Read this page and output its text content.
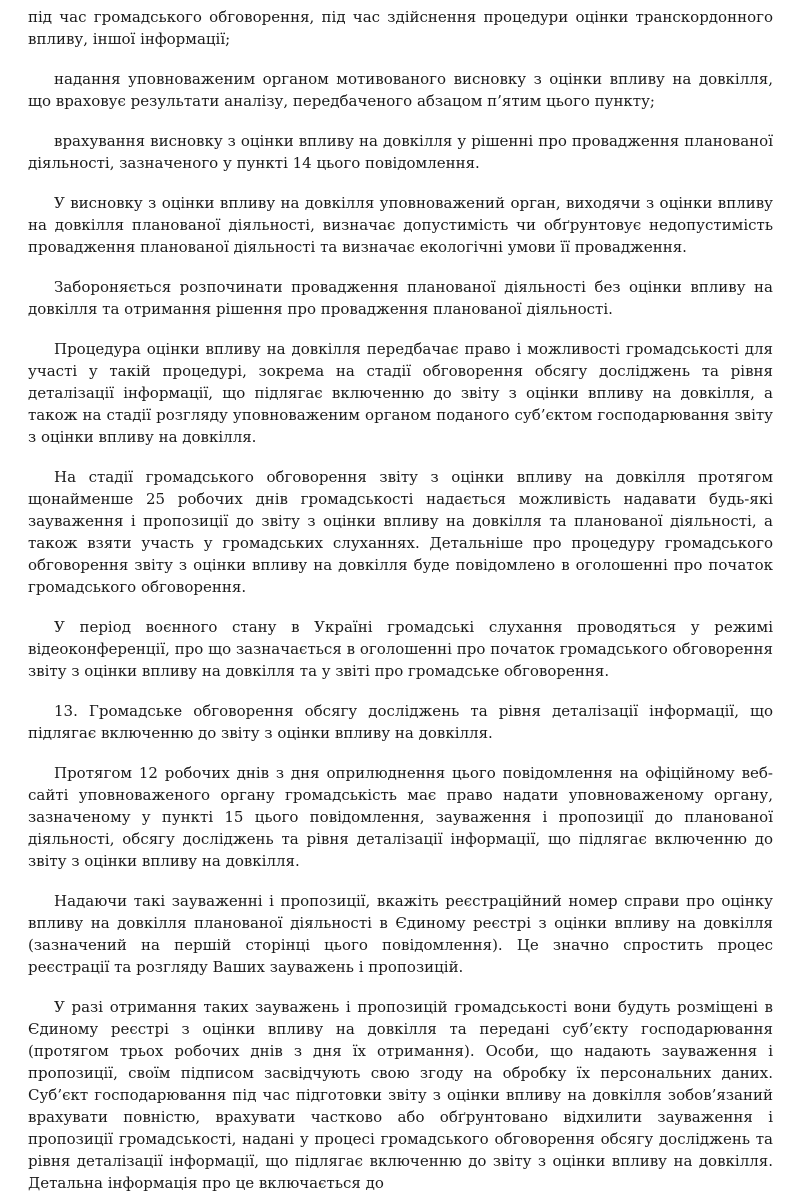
під час громадського обговорення, під час здійснення процедури оцінки транскордонного впливу, іншої інформації;

надання уповноваженим органом мотивованого висновку з оцінки впливу на довкілля, що враховує результати аналізу, передбаченого абзацом п’ятим цього пункту;

врахування висновку з оцінки впливу на довкілля у рішенні про провадження планованої діяльності, зазначеного у пункті 14 цього повідомлення.

У висновку з оцінки впливу на довкілля уповноважений орган, виходячи з оцінки впливу на довкілля планованої діяльності, визначає допустимість чи обґрунтовує недопустимість провадження планованої діяльності та визначає екологічні умови її провадження.

Забороняється розпочинати провадження планованої діяльності без оцінки впливу на довкілля та отримання рішення про провадження планованої діяльності.

Процедура оцінки впливу на довкілля передбачає право і можливості громадськості для участі у такій процедурі, зокрема на стадії обговорення обсягу досліджень та рівня деталізації інформації, що підлягає включенню до звіту з оцінки впливу на довкілля, а також на стадії розгляду уповноваженим органом поданого суб’єктом господарювання звіту з оцінки впливу на довкілля.

На стадії громадського обговорення звіту з оцінки впливу на довкілля протягом щонайменше 25 робочих днів громадськості надається можливість надавати будь-які зауваження і пропозиції до звіту з оцінки впливу на довкілля та планованої діяльності, а також взяти участь у громадських слуханнях. Детальніше про процедуру громадського обговорення звіту з оцінки впливу на довкілля буде повідомлено в оголошенні про початок громадського обговорення.

У період воєнного стану в Україні громадські слухання проводяться у режимі відеоконференції, про що зазначається в оголошенні про початок громадського обговорення звіту з оцінки впливу на довкілля та у звіті про громадське обговорення.

13. Громадське обговорення обсягу досліджень та рівня деталізації інформації, що підлягає включенню до звіту з оцінки впливу на довкілля.

Протягом 12 робочих днів з дня оприлюднення цього повідомлення на офіційному веб-сайті уповноваженого органу громадськість має право надати уповноваженому органу, зазначеному у пункті 15 цього повідомлення, зауваження і пропозиції до планованої діяльності, обсягу досліджень та рівня деталізації інформації, що підлягає включенню до звіту з оцінки впливу на довкілля.

Надаючи такі зауваженні і пропозиції, вкажіть реєстраційний номер справи про оцінку впливу на довкілля планованої діяльності в Єдиному реєстрі з оцінки впливу на довкілля (зазначений на першій сторінці цього повідомлення). Це значно спростить процес реєстрації та розгляду Ваших зауважень і пропозицій.

У разі отримання таких зауважень і пропозицій громадськості вони будуть розміщені в Єдиному реєстрі з оцінки впливу на довкілля та передані суб’єкту господарювання (протягом трьох робочих днів з дня їх отримання). Особи, що надають зауваження і пропозиції, своїм підписом засвідчують свою згоду на обробку їх персональних даних. Суб’єкт господарювання під час підготовки звіту з оцінки впливу на довкілля зобов’язаний врахувати повністю, врахувати частково або обґрунтовано відхилити зауваження і пропозиції громадськості, надані у процесі громадського обговорення обсягу досліджень та рівня деталізації інформації, що підлягає включенню до звіту з оцінки впливу на довкілля. Детальна інформація про це включається до
